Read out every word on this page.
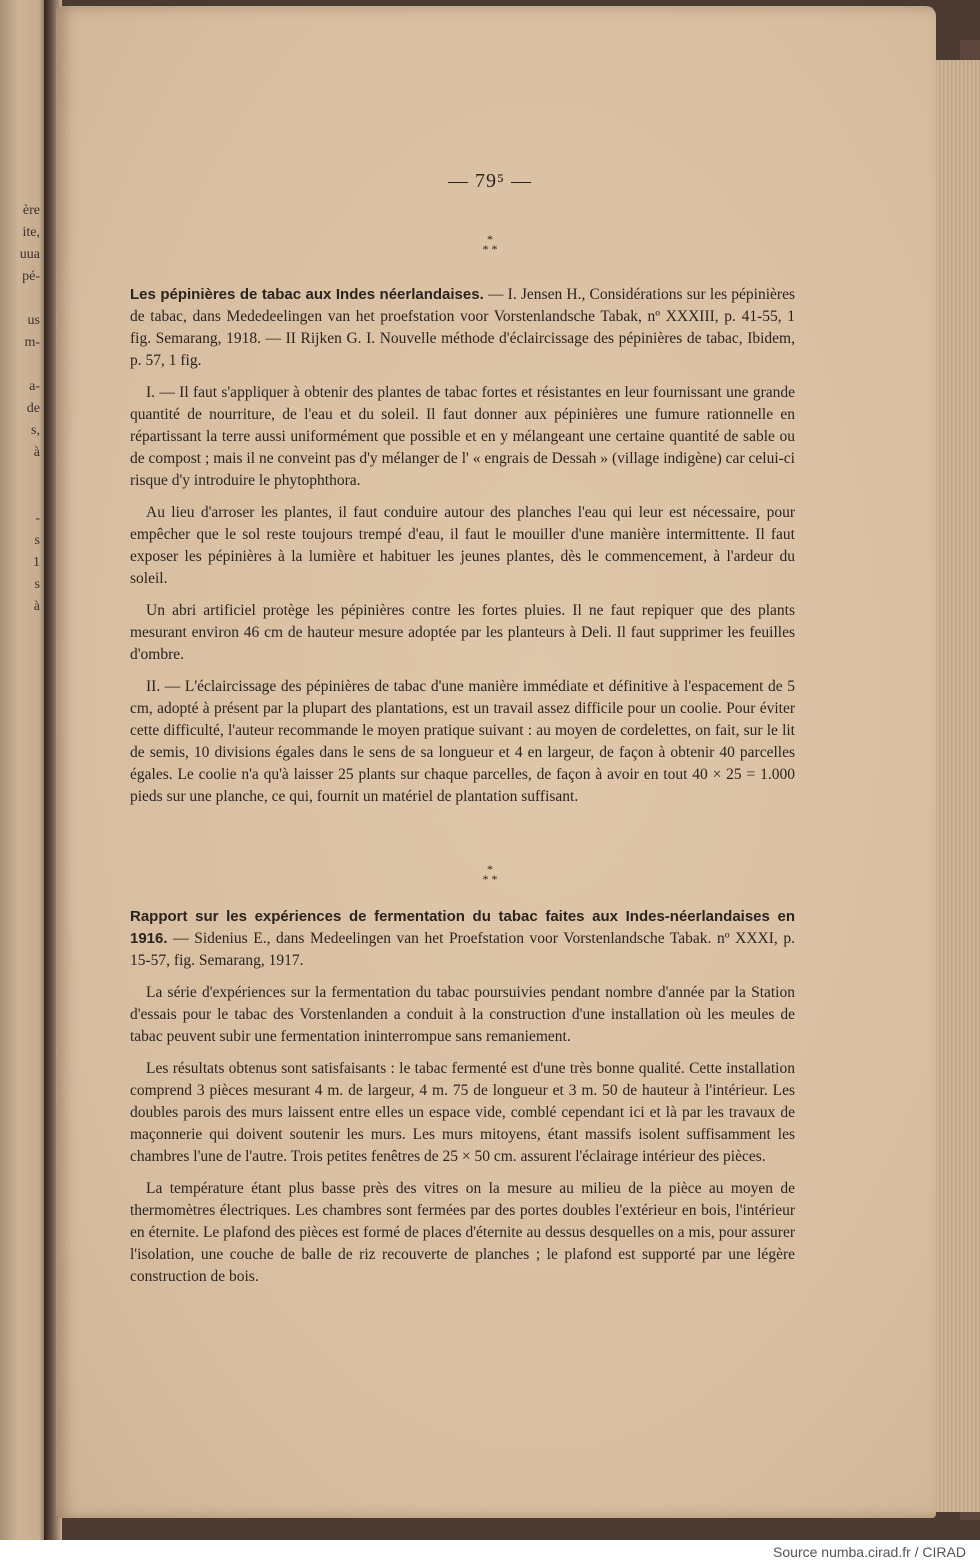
ère
ite,
uua
pé-
us
m-
a-
de
s,
à
-
s
1
s
à
— 79⁵ —
*
* *

Les pépinières de tabac aux Indes néerlandaises. — I. Jensen H., Considérations sur les pépinières de tabac, dans Mededeelingen van het proefstation voor Vorstenlandsche Tabak, nº XXXIII, p. 41-55, 1 fig. Semarang, 1918. — II Rijken G. I. Nouvelle méthode d'éclaircissage des pépinières de tabac, Ibidem, p. 57, 1 fig.

I. — Il faut s'appliquer à obtenir des plantes de tabac fortes et résistantes en leur fournissant une grande quantité de nourriture, de l'eau et du soleil. Il faut donner aux pépinières une fumure rationnelle en répartissant la terre aussi uniformément que possible et en y mélangeant une certaine quantité de sable ou de compost ; mais il ne conveint pas d'y mélanger de l' « engrais de Dessah » (village indigène) car celui-ci risque d'y introduire le phytophthora.

Au lieu d'arroser les plantes, il faut conduire autour des planches l'eau qui leur est nécessaire, pour empêcher que le sol reste toujours trempé d'eau, il faut le mouiller d'une manière intermittente. Il faut exposer les pépinières à la lumière et habituer les jeunes plantes, dès le commencement, à l'ardeur du soleil.

Un abri artificiel protège les pépinières contre les fortes pluies. Il ne faut repiquer que des plants mesurant environ 46 cm de hauteur mesure adoptée par les planteurs à Deli. Il faut supprimer les feuilles d'ombre.

II. — L'éclaircissage des pépinières de tabac d'une manière immédiate et définitive à l'espacement de 5 cm, adopté à présent par la plupart des plantations, est un travail assez difficile pour un coolie. Pour éviter cette difficulté, l'auteur recommande le moyen pratique suivant : au moyen de cordelettes, on fait, sur le lit de semis, 10 divisions égales dans le sens de sa longueur et 4 en largeur, de façon à obtenir 40 parcelles égales. Le coolie n'a qu'à laisser 25 plants sur chaque parcelles, de façon à avoir en tout 40 × 25 = 1.000 pieds sur une planche, ce qui, fournit un matériel de plantation suffisant.

*
* *

Rapport sur les expériences de fermentation du tabac faites aux Indes-néerlandaises en 1916. — Sidenius E., dans Medeelingen van het Proefstation voor Vorstenlandsche Tabak. nº XXXI, p. 15-57, fig. Semarang, 1917.

La série d'expériences sur la fermentation du tabac poursuivies pendant nombre d'année par la Station d'essais pour le tabac des Vorstenlanden a conduit à la construction d'une installation où les meules de tabac peuvent subir une fermentation ininterrompue sans remaniement.

Les résultats obtenus sont satisfaisants : le tabac fermenté est d'une très bonne qualité. Cette installation comprend 3 pièces mesurant 4 m. de largeur, 4 m. 75 de longueur et 3 m. 50 de hauteur à l'intérieur. Les doubles parois des murs laissent entre elles un espace vide, comblé cependant ici et là par les travaux de maçonnerie qui doivent soutenir les murs. Les murs mitoyens, étant massifs isolent suffisamment les chambres l'une de l'autre. Trois petites fenêtres de 25 × 50 cm. assurent l'éclairage intérieur des pièces.

La température étant plus basse près des vitres on la mesure au milieu de la pièce au moyen de thermomètres électriques. Les chambres sont fermées par des portes doubles l'extérieur en bois, l'intérieur en éternite. Le plafond des pièces est formé de places d'éternite au dessus desquelles on a mis, pour assurer l'isolation, une couche de balle de riz recouverte de planches ; le plafond est supporté par une légère construction de bois.

Source numba.cirad.fr / CIRAD
